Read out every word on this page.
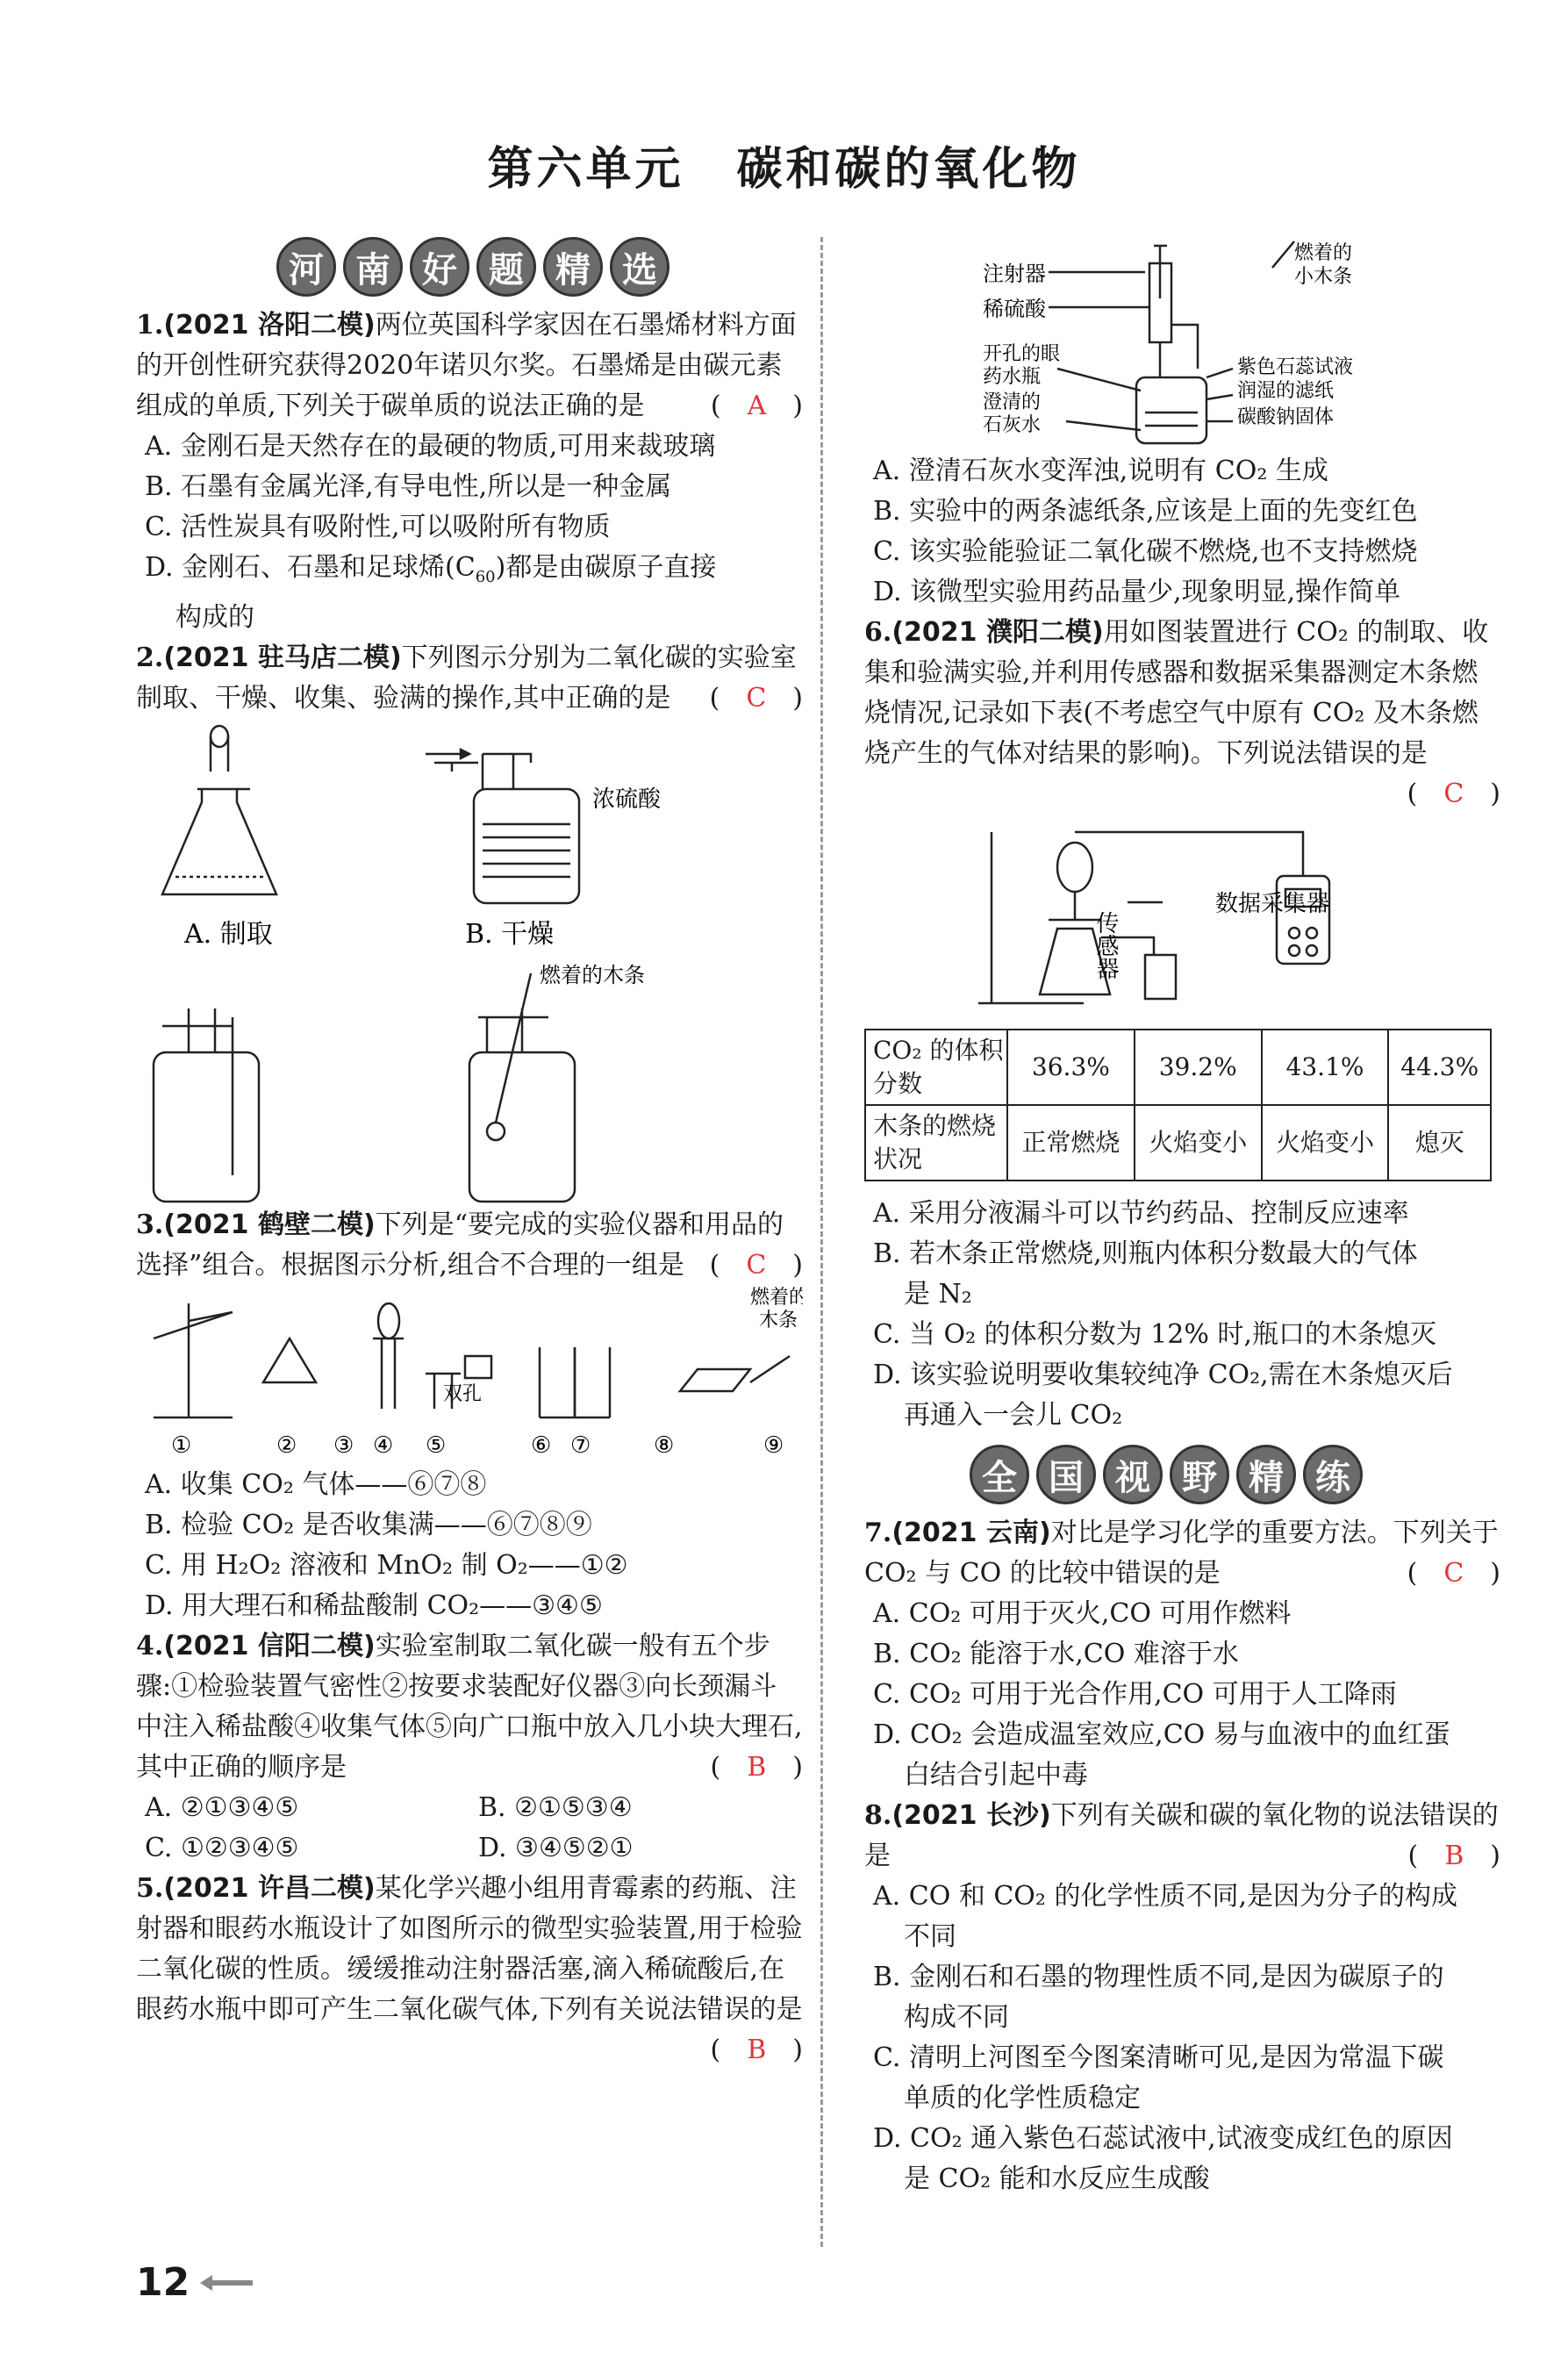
第六单元 碳和碳的氧化物
河 南 好 题 精 选

1.(2021 洛阳二模)两位英国科学家因在石墨烯材料方面的开创性研究获得2020年诺贝尔奖。石墨烯是由碳元素组成的单质,下列关于碳单质的说法正确的是	(　A　)

A. 金刚石是天然存在的最硬的物质,可用来裁玻璃

B. 石墨有金属光泽,有导电性,所以是一种金属

C. 活性炭具有吸附性,可以吸附所有物质

D. 金刚石、石墨和足球烯$(C_{60})$都是由碳原子直接

构成的

2.(2021 驻马店二模)下列图示分别为二氧化碳的实验室制取、干燥、收集、验满的操作,其中正确的是 (　C　)

A. 制取
浓硫酸
B. 干燥
燃着的木条

3.(2021 鹤壁二模)下列是“要完成的实验仪器和用品的选择”组合。根据图示分析,组合不合理的一组是 (　C　)

双孔
燃着的
木条
①	② ③ ④ ⑤	⑥ ⑦	⑧	⑨

A. 收集 CO₂ 气体——⑥⑦⑧

B. 检验 CO₂ 是否收集满——⑥⑦⑧⑨

C. 用 H₂O₂ 溶液和 MnO₂ 制 O₂——①②

D. 用大理石和稀盐酸制 CO₂——③④⑤

4.(2021 信阳二模)实验室制取二氧化碳一般有五个步骤:①检验装置气密性②按要求装配好仪器③向长颈漏斗中注入稀盐酸④收集气体⑤向广口瓶中放入几小块大理石,其中正确的顺序是	(　B　)

A. ②①③④⑤	B. ②①⑤③④

C. ①②③④⑤	D. ③④⑤②①

5.(2021 许昌二模)某化学兴趣小组用青霉素的药瓶、注射器和眼药水瓶设计了如图所示的微型实验装置,用于检验二氧化碳的性质。缓缓推动注射器活塞,滴入稀硫酸后,在眼药水瓶中即可产生二氧化碳气体,下列有关说法错误的是
(　B　)

注射器
稀硫酸
燃着的
小木条
开孔的眼
药水瓶
澄清的
石灰水
紫色石蕊试液
润湿的滤纸
碳酸钠固体

A. 澄清石灰水变浑浊,说明有 CO₂ 生成

B. 实验中的两条滤纸条,应该是上面的先变红色

C. 该实验能验证二氧化碳不燃烧,也不支持燃烧

D. 该微型实验用药品量少,现象明显,操作简单

6.(2021 濮阳二模)用如图装置进行 CO₂ 的制取、收集和验满实验,并利用传感器和数据采集器测定木条燃烧情况,记录如下表(不考虑空气中原有 CO₂ 及木条燃烧产生的气体对结果的影响)。下列说法错误的是
(　C　)

传感器
数据采集器
CO₂ 的体积分数	36.3%	39.2%	43.1%	44.3%
木条的燃烧状况	正常燃烧	火焰变小	火焰变小	熄灭

A. 采用分液漏斗可以节约药品、控制反应速率

B. 若木条正常燃烧,则瓶内体积分数最大的气体

是 N₂

C. 当 O₂ 的体积分数为 12% 时,瓶口的木条熄灭

D. 该实验说明要收集较纯净 CO₂,需在木条熄灭后

再通入一会儿 CO₂

全 国 视 野 精 练

7.(2021 云南)对比是学习化学的重要方法。下列关于 CO₂ 与 CO 的比较中错误的是	(　C　)

A. CO₂ 可用于灭火,CO 可用作燃料

B. CO₂ 能溶于水,CO 难溶于水

C. CO₂ 可用于光合作用,CO 可用于人工降雨

D. CO₂ 会造成温室效应,CO 易与血液中的血红蛋

白结合引起中毒

8.(2021 长沙)下列有关碳和碳的氧化物的说法错误的是	(　B　)

A. CO 和 CO₂ 的化学性质不同,是因为分子的构成

不同

B. 金刚石和石墨的物理性质不同,是因为碳原子的

构成不同

C. 清明上河图至今图案清晰可见,是因为常温下碳

单质的化学性质稳定

D. CO₂ 通入紫色石蕊试液中,试液变成红色的原因

是 CO₂ 能和水反应生成酸

12
